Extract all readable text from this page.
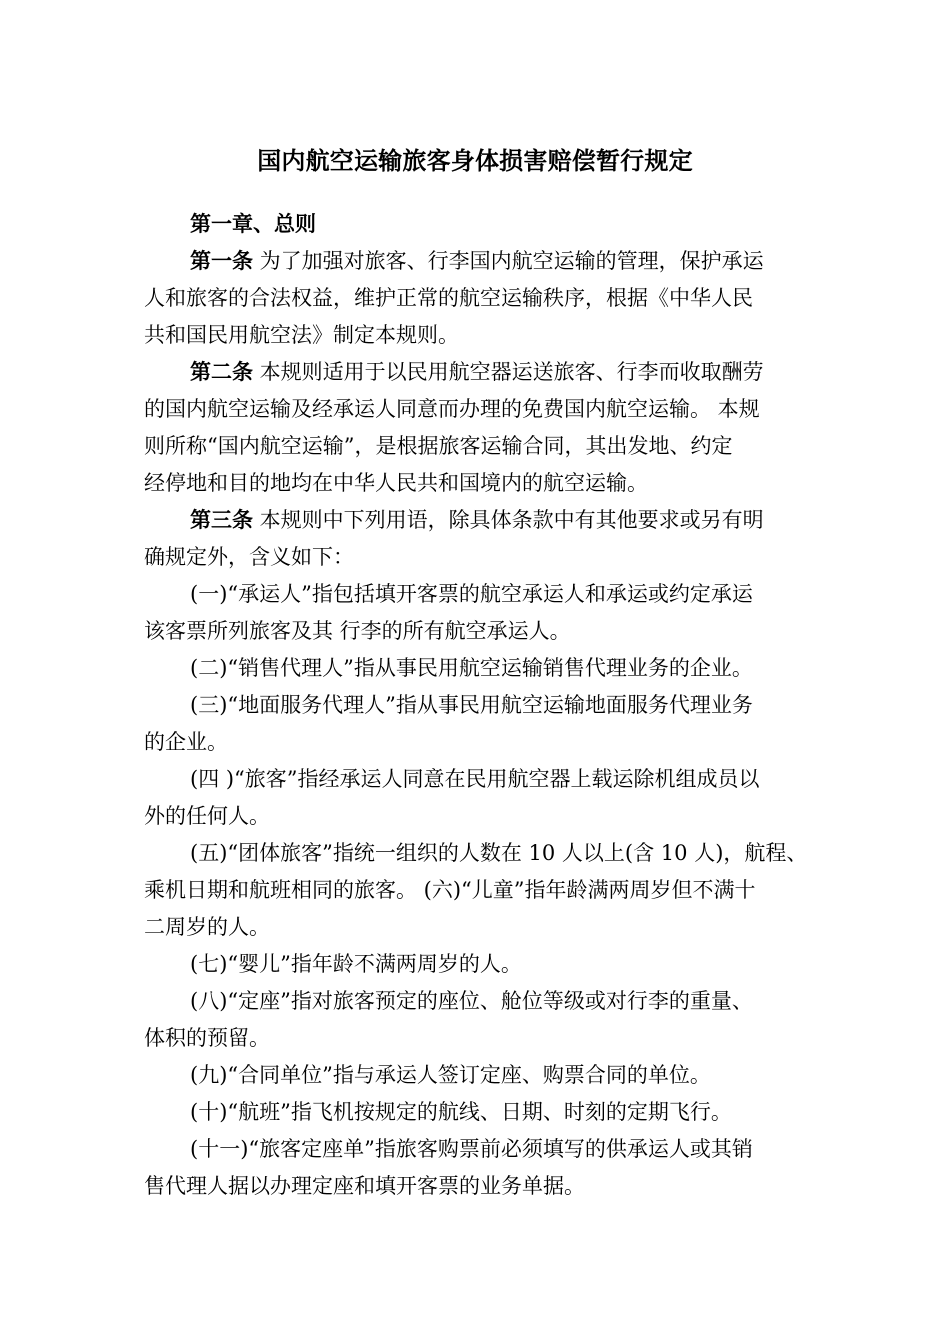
国内航空运输旅客身体损害赔偿暂行规定
第一章、总则
第一条 为了加强对旅客、行李国内航空运输的管理，保护承运
人和旅客的合法权益，维护正常的航空运输秩序，根据《中华人民
共和国民用航空法》制定本规则。
第二条 本规则适用于以民用航空器运送旅客、行李而收取酬劳
的国内航空运输及经承运人同意而办理的免费国内航空运输。 本规
则所称“国内航空运输”，是根据旅客运输合同，其出发地、约定
经停地和目的地均在中华人民共和国境内的航空运输。
第三条 本规则中下列用语，除具体条款中有其他要求或另有明
确规定外，含义如下：
(一)“承运人”指包括填开客票的航空承运人和承运或约定承运
该客票所列旅客及其 行李的所有航空承运人。
(二)“销售代理人”指从事民用航空运输销售代理业务的企业。
(三)“地面服务代理人”指从事民用航空运输地面服务代理业务
的企业。
(四 )“旅客”指经承运人同意在民用航空器上载运除机组成员以
外的任何人。
(五)“团体旅客”指统一组织的人数在 10 人以上(含 10 人)，航程、
乘机日期和航班相同的旅客。 (六)“儿童”指年龄满两周岁但不满十
二周岁的人。
(七)“婴儿”指年龄不满两周岁的人。
(八)“定座”指对旅客预定的座位、舱位等级或对行李的重量、
体积的预留。
(九)“合同单位”指与承运人签订定座、购票合同的单位。
(十)“航班”指飞机按规定的航线、日期、时刻的定期飞行。
(十一)“旅客定座单”指旅客购票前必须填写的供承运人或其销
售代理人据以办理定座和填开客票的业务单据。
